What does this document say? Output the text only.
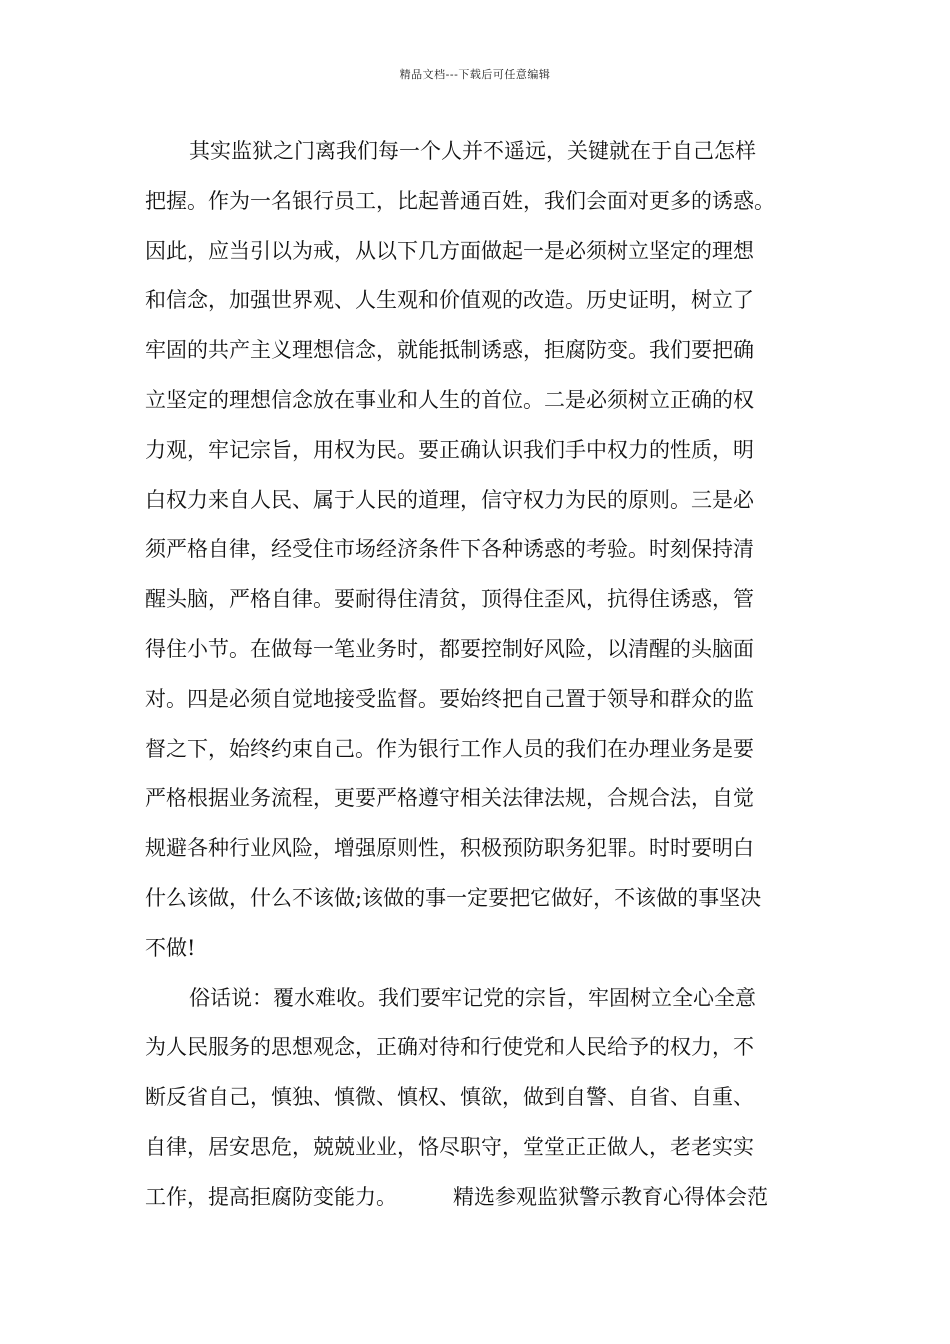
精品文档---下载后可任意编辑

其实监狱之门离我们每一个人并不遥远，关键就在于自己怎样
把握。作为一名银行员工，比起普通百姓，我们会面对更多的诱惑。
因此，应当引以为戒，从以下几方面做起一是必须树立坚定的理想
和信念，加强世界观、人生观和价值观的改造。历史证明，树立了
牢固的共产主义理想信念，就能抵制诱惑，拒腐防变。我们要把确
立坚定的理想信念放在事业和人生的首位。二是必须树立正确的权
力观，牢记宗旨，用权为民。要正确认识我们手中权力的性质，明
白权力来自人民、属于人民的道理，信守权力为民的原则。三是必
须严格自律，经受住市场经济条件下各种诱惑的考验。时刻保持清
醒头脑，严格自律。要耐得住清贫，顶得住歪风，抗得住诱惑，管
得住小节。在做每一笔业务时，都要控制好风险，以清醒的头脑面
对。四是必须自觉地接受监督。要始终把自己置于领导和群众的监
督之下，始终约束自己。作为银行工作人员的我们在办理业务是要
严格根据业务流程，更要严格遵守相关法律法规，合规合法，自觉
规避各种行业风险，增强原则性，积极预防职务犯罪。时时要明白
什么该做，什么不该做;该做的事一定要把它做好，不该做的事坚决
不做!

俗话说：覆水难收。我们要牢记党的宗旨，牢固树立全心全意
为人民服务的思想观念，正确对待和行使党和人民给予的权力，不
断反省自己，慎独、慎微、慎权、慎欲，做到自警、自省、自重、
自律，居安思危，兢兢业业，恪尽职守，堂堂正正做人，老老实实
工作，提高拒腐防变能力。	精选参观监狱警示教育心得体会范
